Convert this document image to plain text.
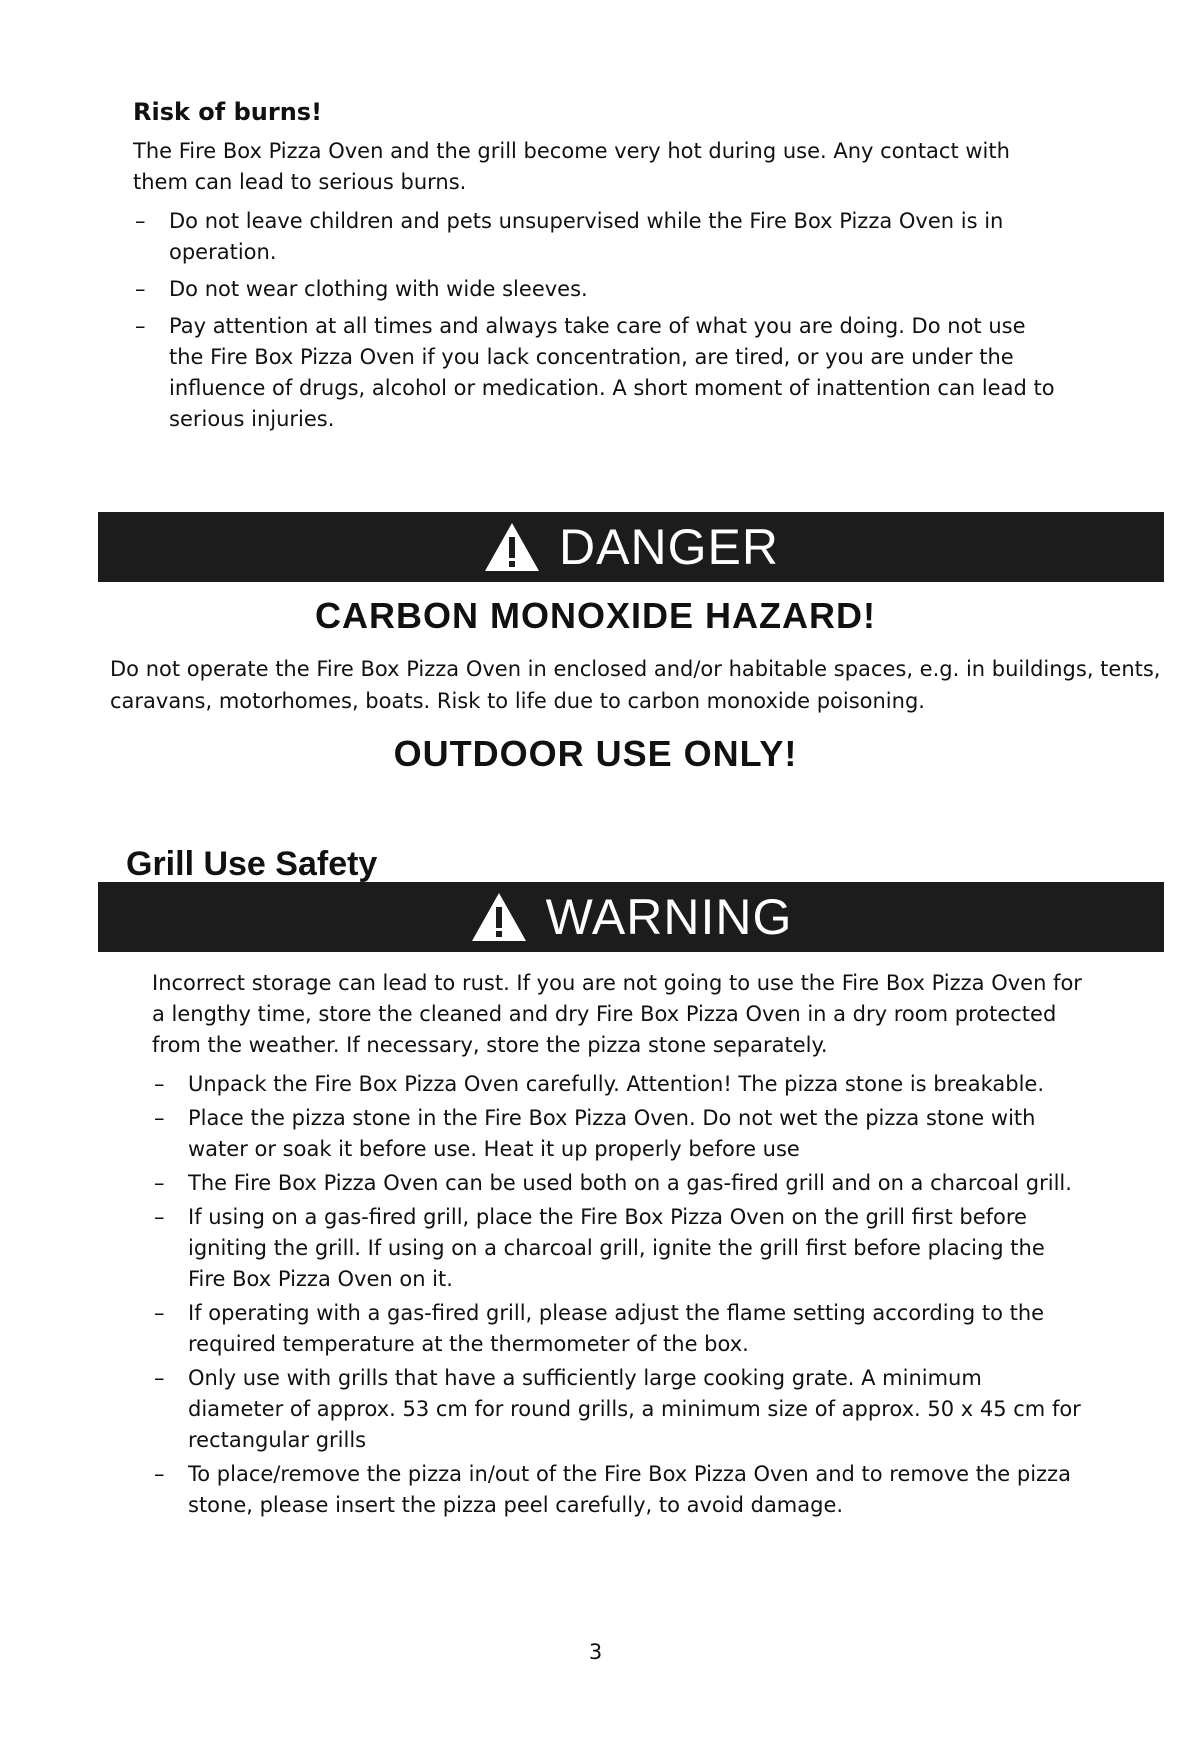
Risk of burns!

The Fire Box Pizza Oven and the grill become very hot during use. Any contact with them can lead to serious burns.

– Do not leave children and pets unsupervised while the Fire Box Pizza Oven is in operation.
– Do not wear clothing with wide sleeves.
– Pay attention at all times and always take care of what you are doing. Do not use the Fire Box Pizza Oven if you lack concentration, are tired, or you are under the influence of drugs, alcohol or medication. A short moment of inattention can lead to serious injuries.
DANGER
CARBON MONOXIDE HAZARD!

Do not operate the Fire Box Pizza Oven in enclosed and/or habitable spaces, e.g. in buildings, tents, caravans, motorhomes, boats. Risk to life due to carbon monoxide poisoning.

OUTDOOR USE ONLY!
Grill Use Safety
WARNING

Incorrect storage can lead to rust. If you are not going to use the Fire Box Pizza Oven for a lengthy time, store the cleaned and dry Fire Box Pizza Oven in a dry room protected from the weather. If necessary, store the pizza stone separately.

– Unpack the Fire Box Pizza Oven carefully. Attention! The pizza stone is breakable.
– Place the pizza stone in the Fire Box Pizza Oven. Do not wet the pizza stone with water or soak it before use. Heat it up properly before use
– The Fire Box Pizza Oven can be used both on a gas-fired grill and on a charcoal grill.
– If using on a gas-fired grill, place the Fire Box Pizza Oven on the grill first before igniting the grill. If using on a charcoal grill, ignite the grill first before placing the Fire Box Pizza Oven on it.
– If operating with a gas-fired grill, please adjust the flame setting according to the required temperature at the thermometer of the box.
– Only use with grills that have a sufficiently large cooking grate. A minimum diameter of approx. 53 cm for round grills, a minimum size of approx. 50 x 45 cm for rectangular grills
– To place/remove the pizza in/out of the Fire Box Pizza Oven and to remove the pizza stone, please insert the pizza peel carefully, to avoid damage.
3
